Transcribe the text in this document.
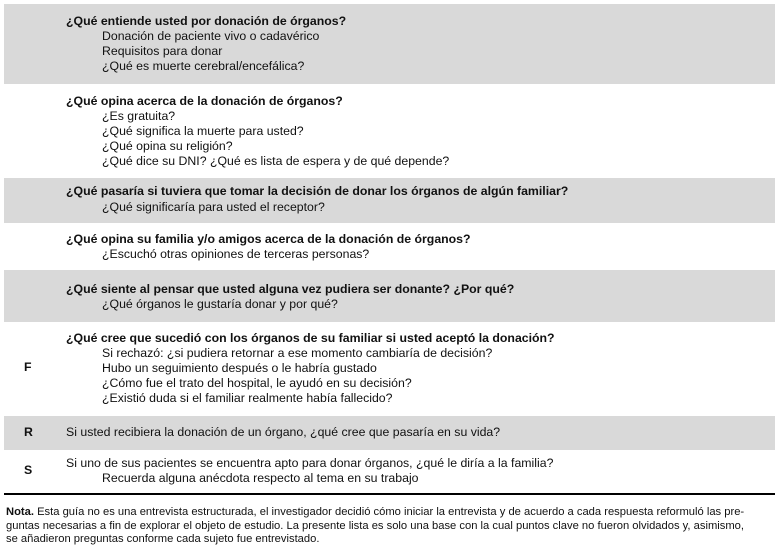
¿Qué entiende usted por donación de órganos?
Donación de paciente vivo o cadavérico
Requisitos para donar
¿Qué es muerte cerebral/encefálica?
¿Qué opina acerca de la donación de órganos?
¿Es gratuita?
¿Qué significa la muerte para usted?
¿Qué opina su religión?
¿Qué dice su DNI? ¿Qué es lista de espera y de qué depende?
¿Qué pasaría si tuviera que tomar la decisión de donar los órganos de algún familiar?
¿Qué significaría para usted el receptor?
¿Qué opina su familia y/o amigos acerca de la donación de órganos?
¿Escuchó otras opiniones de terceras personas?
¿Qué siente al pensar que usted alguna vez pudiera ser donante? ¿Por qué?
¿Qué órganos le gustaría donar y por qué?
F
¿Qué cree que sucedió con los órganos de su familiar si usted aceptó la donación?
Si rechazó: ¿si pudiera retornar a ese momento cambiaría de decisión?
Hubo un seguimiento después o le habría gustado
¿Cómo fue el trato del hospital, le ayudó en su decisión?
¿Existió duda si el familiar realmente había fallecido?
R	Si usted recibiera la donación de un órgano, ¿qué cree que pasaría en su vida?
S	Si uno de sus pacientes se encuentra apto para donar órganos, ¿qué le diría a la familia?
Recuerda alguna anécdota respecto al tema en su trabajo
Nota. Esta guía no es una entrevista estructurada, el investigador decidió cómo iniciar la entrevista y de acuerdo a cada respuesta reformuló las pre-
guntas necesarias a fin de explorar el objeto de estudio. La presente lista es solo una base con la cual puntos clave no fueron olvidados y, asimismo,
se añadieron preguntas conforme cada sujeto fue entrevistado.
